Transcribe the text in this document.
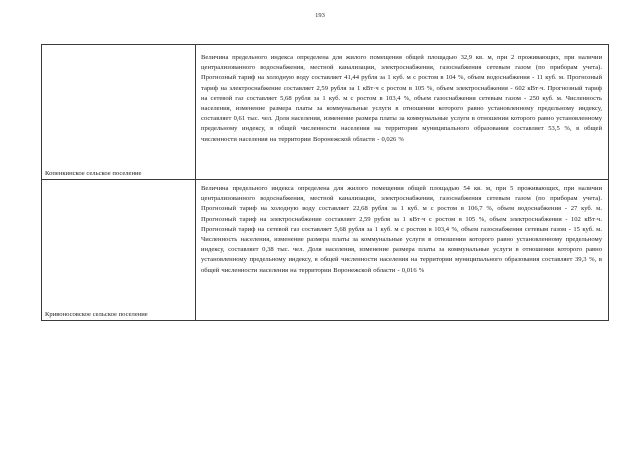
193
Копенкинское сельское поселение	Величина предельного индекса определена для жилого помещения общей площадью 32,9 кв. м, при 2 проживающих, при наличии централизованного водоснабжения, местной канализации, электроснабжения, газоснабжения сетевым газом (по приборам учета). Прогнозный тариф на холодную воду составляет 41,44 рубля за 1 куб. м с ростом в 104 %, объем водоснабжения - 11 куб. м. Прогнозный тариф на электроснабжение составляет 2,59 рубля за 1 кВт·ч с ростом в 105 %, объем электроснабжения - 602 кВт·ч. Прогнозный тариф на сетевой газ составляет 5,68 рубля за 1 куб. м с ростом в 103,4 %, объем газоснабжения сетевым газом - 250 куб. м. Численность населения, изменение размера платы за коммунальные услуги в отношении которого равно установленному предельному индексу, составляет 0,61 тыс. чел. Доля населения, изменение размера платы за коммунальные услуги в отношении которого равно установленному предельному индексу, в общей численности населения на территории муниципального образования составляет 53,5 %, в общей численности населения на территории Воронежской области - 0,026 %

Кривоносовское сельское поселение	Величина предельного индекса определена для жилого помещения общей площадью 54 кв. м, при 5 проживающих, при наличии централизованного водоснабжения, местной канализации, электроснабжения, газоснабжения сетевым газом (по приборам учета). Прогнозный тариф на холодную воду составляет 22,68 рубля за 1 куб. м с ростом в 106,7 %, объем водоснабжения - 27 куб. м. Прогнозный тариф на электроснабжение составляет 2,59 рубля за 1 кВт·ч с ростом в 105 %, объем электроснабжения - 102 кВт·ч. Прогнозный тариф на сетевой газ составляет 5,68 рубля за 1 куб. м с ростом в 103,4 %, объем газоснабжения сетевым газом - 15 куб. м. Численность населения, изменение размера платы за коммунальные услуги в отношении которого равно установленному предельному индексу, составляет 0,38 тыс. чел. Доля населения, изменение размера платы за коммунальные услуги в отношении которого равно установленному предельному индексу, в общей численности населения на территории муниципального образования составляет 39,3 %, в общей численности населения на территории Воронежской области - 0,016 %
